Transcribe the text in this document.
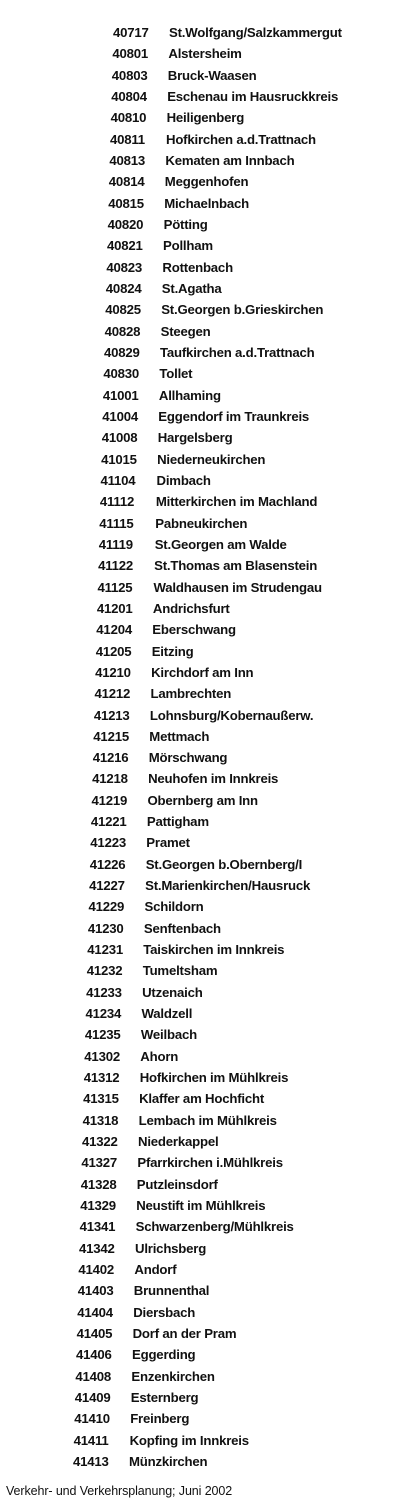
40717 St.Wolfgang/Salzkammergut
40801 Alstersheim
40803 Bruck-Waasen
40804 Eschenau im Hausruckkreis
40810 Heiligenberg
40811 Hofkirchen a.d.Trattnach
40813 Kematen am Innbach
40814 Meggenhofen
40815 Michaelnbach
40820 Pötting
40821 Pollham
40823 Rottenbach
40824 St.Agatha
40825 St.Georgen b.Grieskirchen
40828 Steegen
40829 Taufkirchen a.d.Trattnach
40830 Tollet
41001 Allhaming
41004 Eggendorf im Traunkreis
41008 Hargelsberg
41015 Niederneukirchen
41104 Dimbach
41112 Mitterkirchen im Machland
41115 Pabneukirchen
41119 St.Georgen am Walde
41122 St.Thomas am Blasenstein
41125 Waldhausen im Strudengau
41201 Andrichsfurt
41204 Eberschwang
41205 Eitzing
41210 Kirchdorf am Inn
41212 Lambrechten
41213 Lohnsburg/Kobernaußerw.
41215 Mettmach
41216 Mörschwang
41218 Neuhofen im Innkreis
41219 Obernberg am Inn
41221 Pattigham
41223 Pramet
41226 St.Georgen b.Obernberg/I
41227 St.Marienkirchen/Hausruck
41229 Schildorn
41230 Senftenbach
41231 Taiskirchen im Innkreis
41232 Tumeltsham
41233 Utzenaich
41234 Waldzell
41235 Weilbach
41302 Ahorn
41312 Hofkirchen im Mühlkreis
41315 Klaffer am Hochficht
41318 Lembach im Mühlkreis
41322 Niederkappel
41327 Pfarrkirchen i.Mühlkreis
41328 Putzleinsdorf
41329 Neustift im Mühlkreis
41341 Schwarzenberg/Mühlkreis
41342 Ulrichsberg
41402 Andorf
41403 Brunnenthal
41404 Diersbach
41405 Dorf an der Pram
41406 Eggerding
41408 Enzenkirchen
41409 Esternberg
41410 Freinberg
41411 Kopfing im Innkreis
41413 Münzkirchen
Verkehr- und Verkehrsplanung; Juni 2002
